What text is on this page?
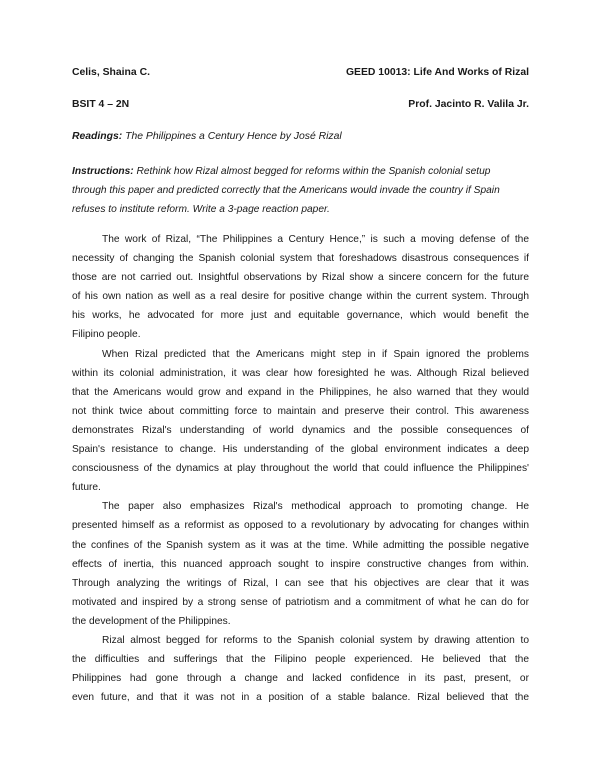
Celis, Shaina C.	GEED 10013: Life And Works of Rizal
BSIT 4 – 2N	Prof. Jacinto R. Valila Jr.
Readings: The Philippines a Century Hence by José Rizal
Instructions: Rethink how Rizal almost begged for reforms within the Spanish colonial setup
through this paper and predicted correctly that the Americans would invade the country if Spain
refuses to institute reform. Write a 3-page reaction paper.
The work of Rizal, “The Philippines a Century Hence,” is such a moving defense of the
necessity of changing the Spanish colonial system that foreshadows disastrous consequences if
those are not carried out. Insightful observations by Rizal show a sincere concern for the future
of his own nation as well as a real desire for positive change within the current system. Through
his works, he advocated for more just and equitable governance, which would benefit the
Filipino people.
When Rizal predicted that the Americans might step in if Spain ignored the problems
within its colonial administration, it was clear how foresighted he was. Although Rizal believed
that the Americans would grow and expand in the Philippines, he also warned that they would
not think twice about committing force to maintain and preserve their control. This awareness
demonstrates Rizal's understanding of world dynamics and the possible consequences of
Spain's resistance to change. His understanding of the global environment indicates a deep
consciousness of the dynamics at play throughout the world that could influence the Philippines'
future.
The paper also emphasizes Rizal's methodical approach to promoting change. He
presented himself as a reformist as opposed to a revolutionary by advocating for changes within
the confines of the Spanish system as it was at the time. While admitting the possible negative
effects of inertia, this nuanced approach sought to inspire constructive changes from within.
Through analyzing the writings of Rizal, I can see that his objectives are clear that it was
motivated and inspired by a strong sense of patriotism and a commitment of what he can do for
the development of the Philippines.
Rizal almost begged for reforms to the Spanish colonial system by drawing attention to
the difficulties and sufferings that the Filipino people experienced. He believed that the
Philippines had gone through a change and lacked confidence in its past, present, or
even future, and that it was not in a position of a stable balance. Rizal believed that the
